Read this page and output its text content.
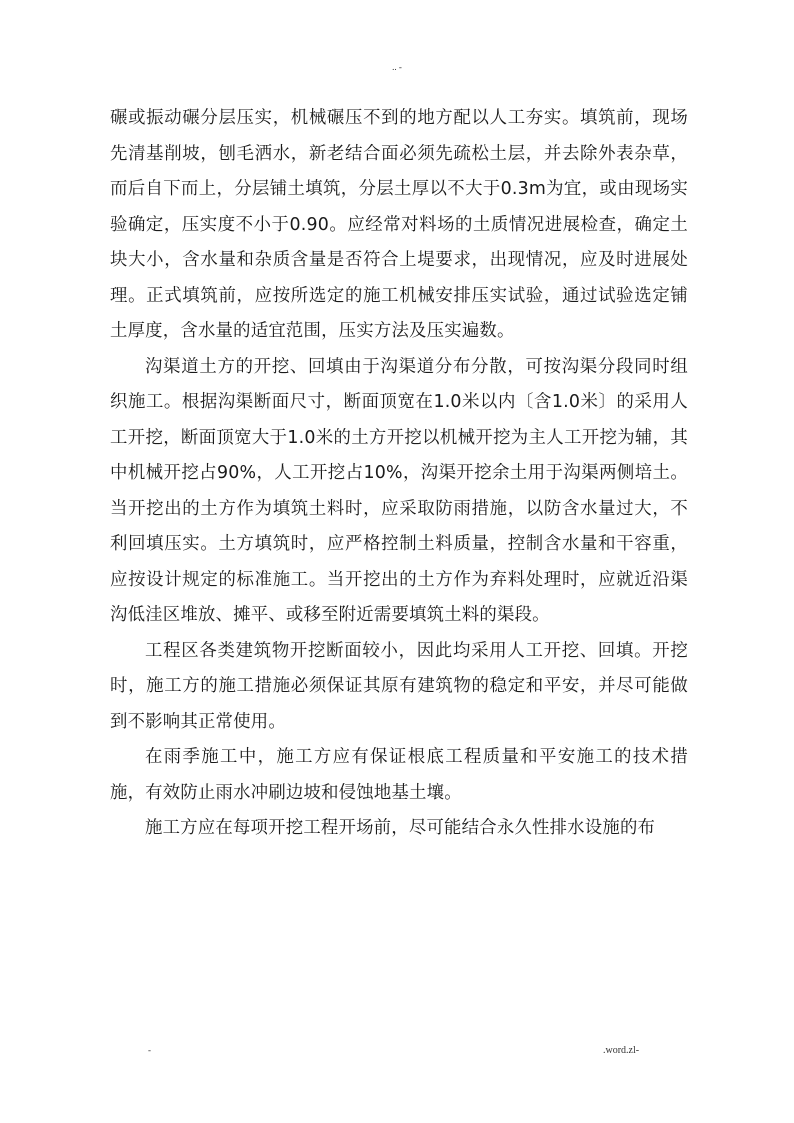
.. -

碾或振动碾分层压实，机械碾压不到的地方配以人工夯实。填筑前，现场先清基削坡，刨毛洒水，新老结合面必须先疏松土层，并去除外表杂草，而后自下而上，分层铺土填筑，分层土厚以不大于0.3m为宜，或由现场实验确定，压实度不小于0.90。应经常对料场的土质情况进展检查，确定土块大小，含水量和杂质含量是否符合上堤要求，出现情况，应及时进展处理。正式填筑前，应按所选定的施工机械安排压实试验，通过试验选定铺土厚度，含水量的适宜范围，压实方法及压实遍数。

沟渠道土方的开挖、回填由于沟渠道分布分散，可按沟渠分段同时组织施工。根据沟渠断面尺寸，断面顶宽在1.0米以内〔含1.0米〕的采用人工开挖，断面顶宽大于1.0米的土方开挖以机械开挖为主人工开挖为辅，其中机械开挖占90%，人工开挖占10%，沟渠开挖余土用于沟渠两侧培土。当开挖出的土方作为填筑土料时，应采取防雨措施，以防含水量过大，不利回填压实。土方填筑时，应严格控制土料质量，控制含水量和干容重，应按设计规定的标准施工。当开挖出的土方作为弃料处理时，应就近沿渠沟低洼区堆放、摊平、或移至附近需要填筑土料的渠段。

工程区各类建筑物开挖断面较小，因此均采用人工开挖、回填。开挖时，施工方的施工措施必须保证其原有建筑物的稳定和平安，并尽可能做到不影响其正常使用。

在雨季施工中，施工方应有保证根底工程质量和平安施工的技术措施，有效防止雨水冲刷边坡和侵蚀地基土壤。

施工方应在每项开挖工程开场前，尽可能结合永久性排水设施的布

-	.word.zl-
